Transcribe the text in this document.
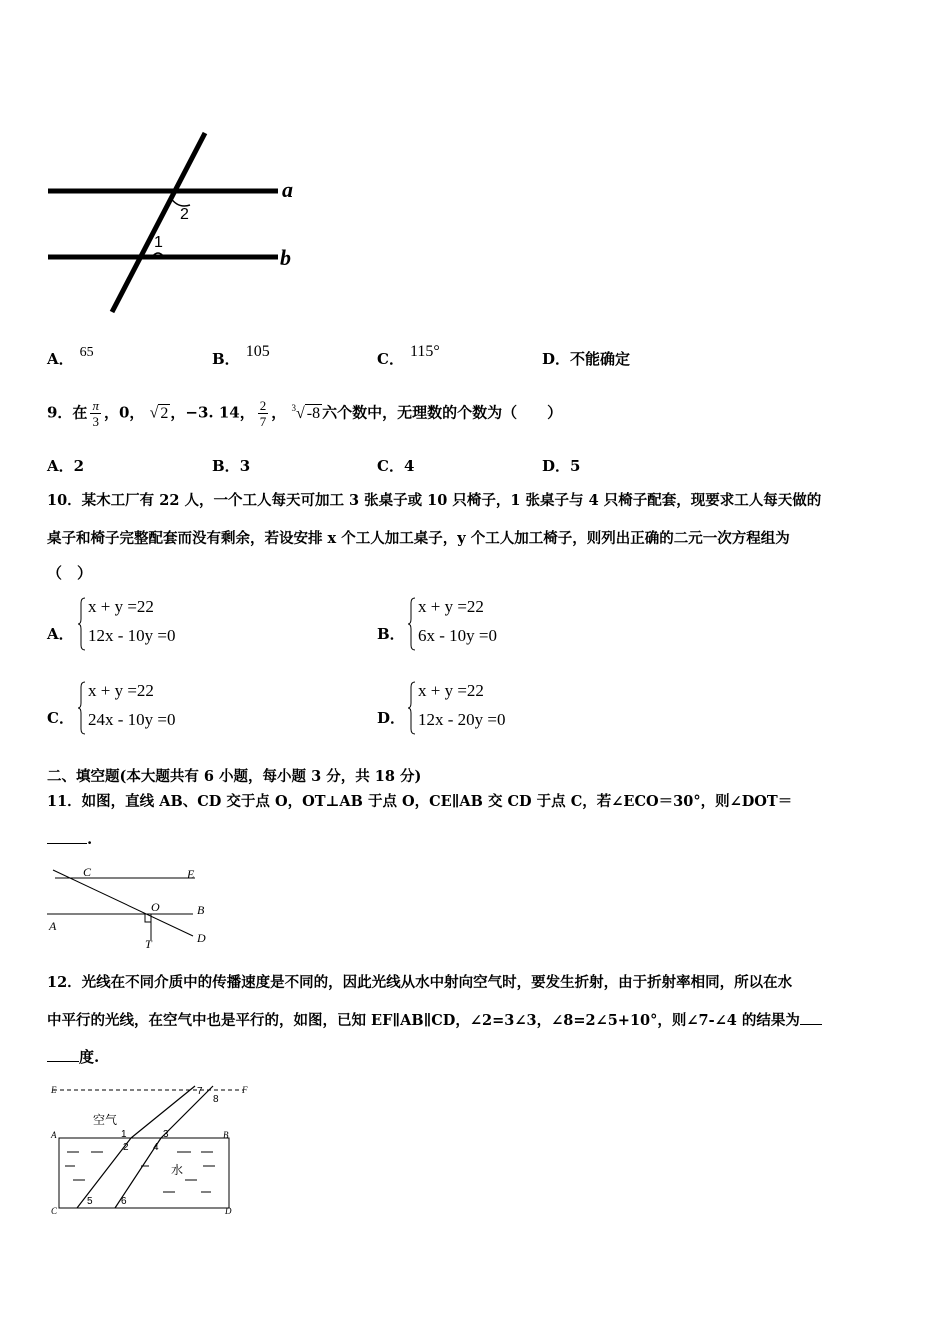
a
b
2
1
A． 65	B． 105	C． 115°	D．不能确定
9．在 $\frac{\pi}{3}$ ，0， √ 2 ，−3. 14， $\frac{2}{7}$ ， $^3$√ -8 六个数中，无理数的个数为（　　）
A．2	B．3	C．4	D．5
10．某木工厂有 22 人，一个工人每天可加工 3 张桌子或 10 只椅子，1 张桌子与 4 只椅子配套，现要求工人每天做的
桌子和椅子完整配套而没有剩余，若设安排 x 个工人加工桌子，y 个工人加工椅子，则列出正确的二元一次方程组为
（　）
A．
x + y =22
12x - 10y =0	B．
x + y =22
6x - 10y =0
C．
x + y =22
24x - 10y =0	D．
x + y =22
12x - 20y =0
二、填空题(本大题共有 6 小题，每小题 3 分，共 18 分)
11．如图，直线 AB、CD 交于点 O，OT⊥AB 于点 O，CE∥AB 交 CD 于点 C，若∠ECO＝30°，则∠DOT＝
.
C	E
O	B
A
T	D
12．光线在不同介质中的传播速度是不同的，因此光线从水中射向空气时，要发生折射，由于折射率相同，所以在水
中平行的光线，在空气中也是平行的，如图，已知 EF∥AB∥CD，∠2=3∠3，∠8=2∠5+10°，则∠7-∠4 的结果为
度.
E	F
空气
水
A	B
C	D
1
2
3
4
5	6
7
8
